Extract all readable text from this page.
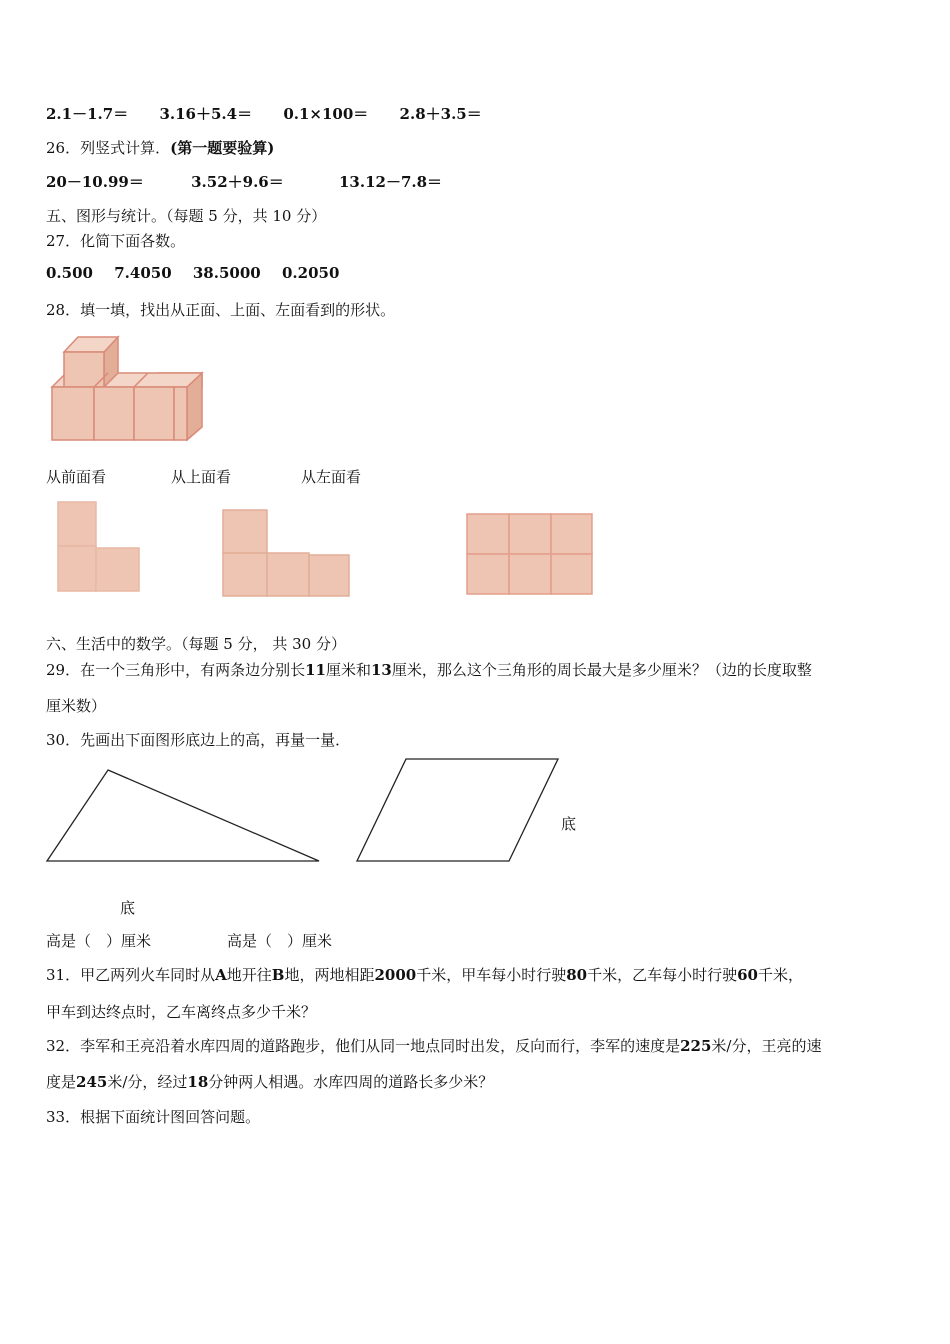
2.1－1.7＝ 3.16＋5.4＝ 0.1×100＝ 2.8＋3.5＝
26．列竖式计算．(第一题要验算)
20－10.99＝	3.52＋9.6＝	13.12－7.8＝
五、图形与统计。（每题 5 分，共 10 分）
27．化简下面各数。
0.500 7.4050 38.5000 0.2050
28．填一填，找出从正面、上面、左面看到的形状。
从前面看	从上面看	从左面看
六、生活中的数学。（每题 5 分， 共 30 分）
29．在一个三角形中，有两条边分别长11厘米和13厘米，那么这个三角形的周长最大是多少厘米？（边的长度取整
厘米数）
30．先画出下面图形底边上的高，再量一量．
底
底
高是（　）厘米	高是（　）厘米
31．甲乙两列火车同时从A地开往B地，两地相距2000千米，甲车每小时行驶80千米，乙车每小时行驶60千米，
甲车到达终点时，乙车离终点多少千米？
32．李军和王亮沿着水库四周的道路跑步，他们从同一地点同时出发，反向而行，李军的速度是225米/分，王亮的速
度是245米/分，经过18分钟两人相遇。水库四周的道路长多少米？
33．根据下面统计图回答问题。
